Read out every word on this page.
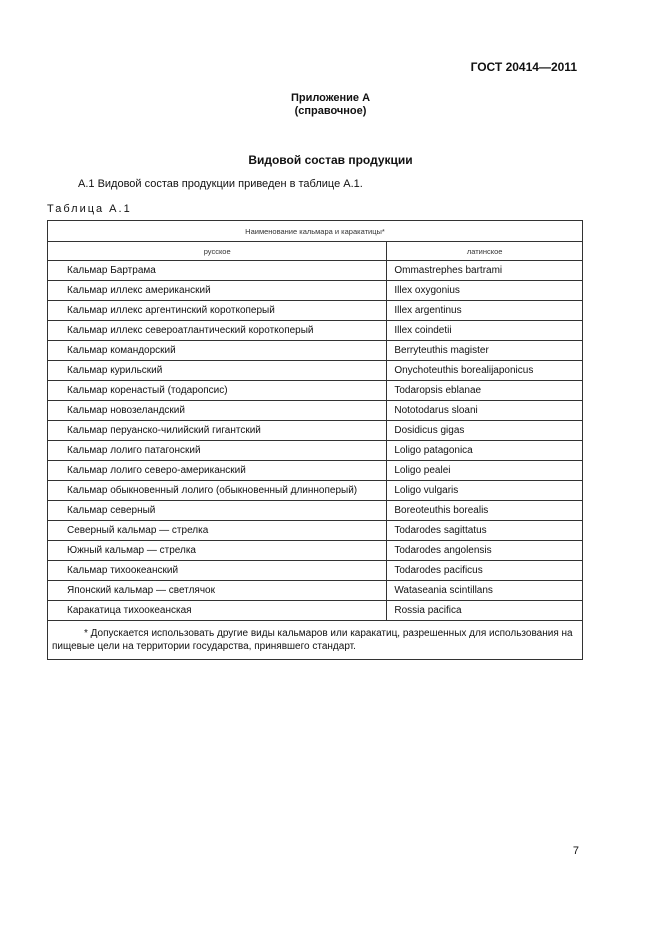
ГОСТ 20414—2011
Приложение А
(справочное)
Видовой состав продукции
А.1 Видовой состав продукции приведен в таблице А.1.
Таблица А.1
Наименование кальмара и каракатицы*	
русское	латинское
Кальмар Бартрама	Ommastrephes bartrami
Кальмар иллекс американский	Illex oxygonius
Кальмар иллекс аргентинский короткоперый	Illex argentinus
Кальмар иллекс североатлантический короткоперый	Illex coindetii
Кальмар командорский	Berryteuthis magister
Кальмар курильский	Onychoteuthis borealijaponicus
Кальмар коренастый (тодаропсис)	Todaropsis eblanae
Кальмар новозеландский	Nototodarus sloani
Кальмар перуанско-чилийский гигантский	Dosidicus gigas
Кальмар лолиго патагонский	Loligo patagonica
Кальмар лолиго северо-американский	Loligo pealei
Кальмар обыкновенный лолиго (обыкновенный длинноперый)	Loligo vulgaris
Кальмар северный	Boreoteuthis borealis
Северный кальмар — стрелка	Todarodes sagittatus
Южный кальмар — стрелка	Todarodes angolensis
Кальмар тихоокеанский	Todarodes pacificus
Японский кальмар — светлячок	Wataseania scintillans
Каракатица тихоокеанская	Rossia pacifica
* Допускается использовать другие виды кальмаров или каракатиц, разрешенных для использования на пищевые цели на территории государства, принявшего стандарт.	
7
